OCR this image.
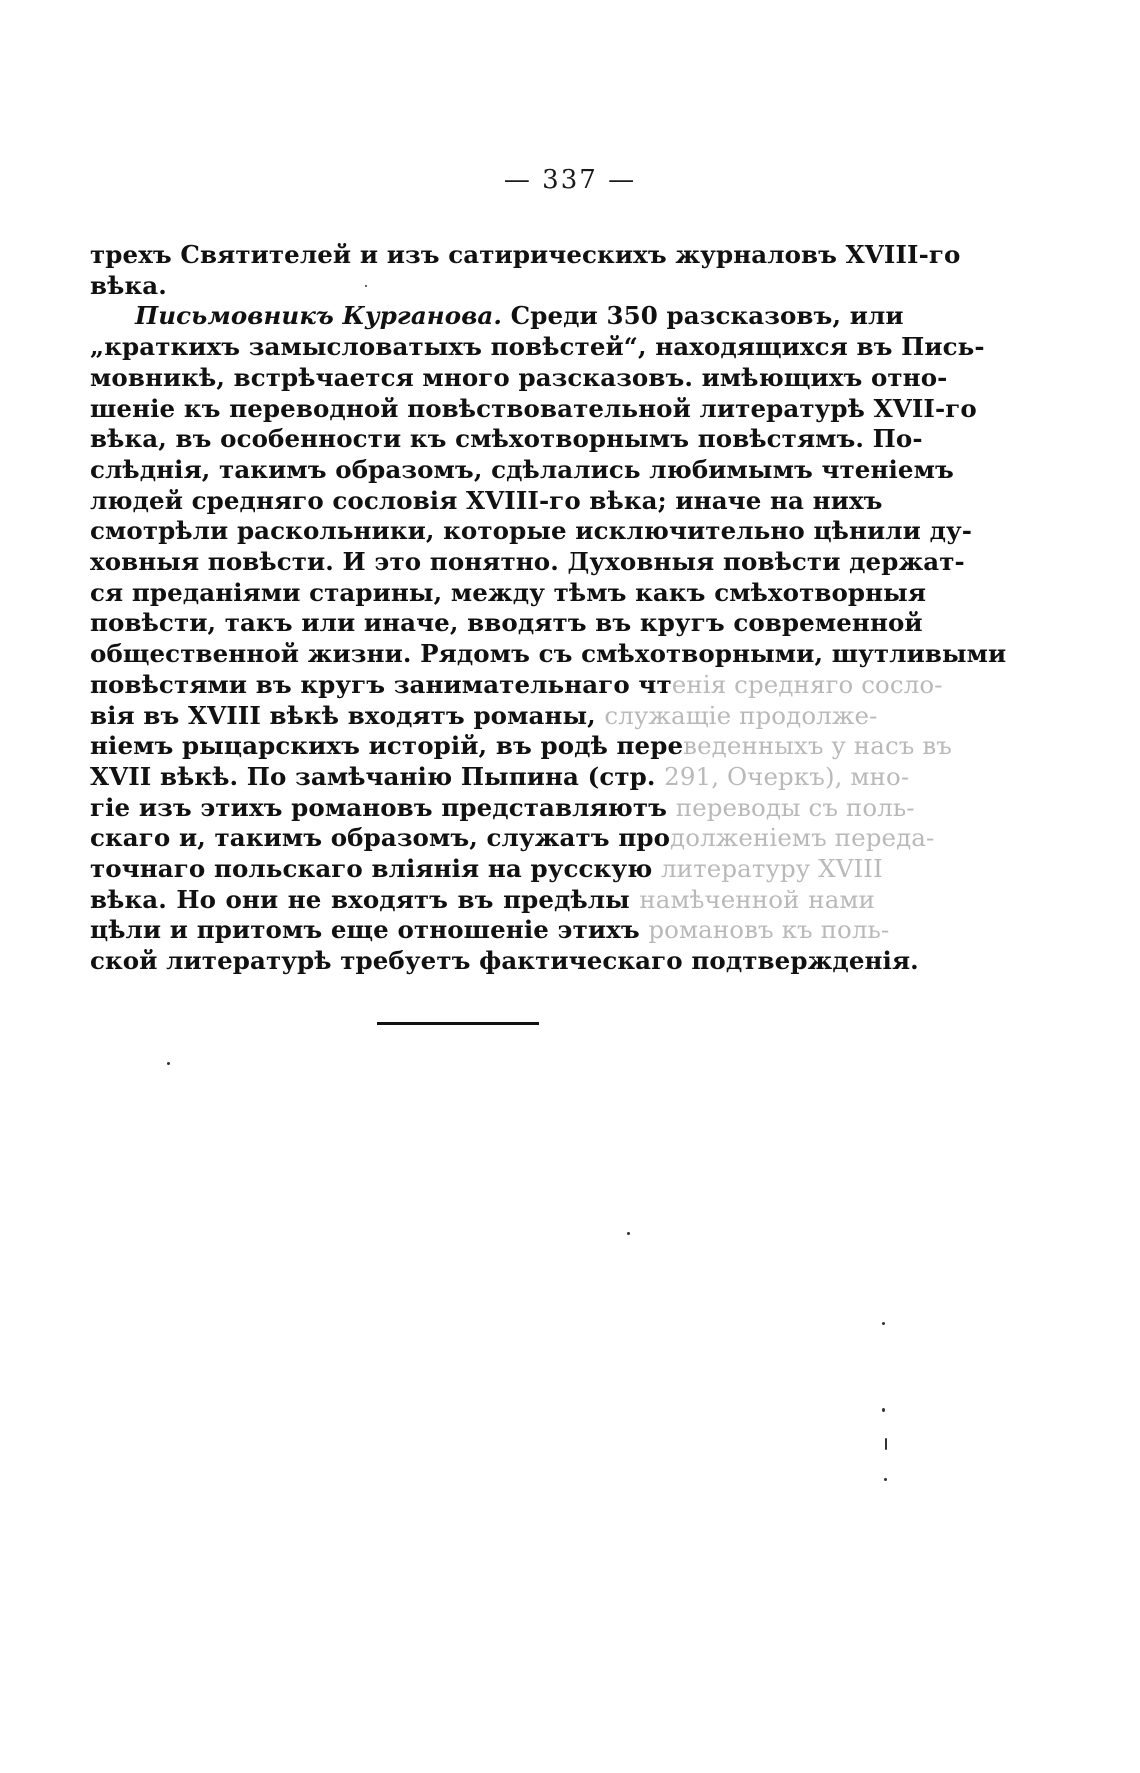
— 337 —
трехъ Святителей и изъ сатирическихъ журналовъ XVIII-го
вѣка.
Письмовникъ Курганова. Среди 350 разсказовъ, или
„краткихъ замысловатыхъ повѣстей“, находящихся въ Пись-
мовникѣ, встрѣчается много разсказовъ. имѣющихъ отно-
шеніе къ переводной повѣствовательной литературѣ XVII-го
вѣка, въ особенности къ смѣхотворнымъ повѣстямъ. По-
слѣднія, такимъ образомъ, сдѣлались любимымъ чтеніемъ
людей средняго сословія XVIII-го вѣка; иначе на нихъ
смотрѣли раскольники, которые исключительно цѣнили ду-
ховныя повѣсти. И это понятно. Духовныя повѣсти держат-
ся преданіями старины, между тѣмъ какъ смѣхотворныя
повѣсти, такъ или иначе, вводятъ въ кругъ современной
общественной жизни. Рядомъ съ смѣхотворными, шутливыми
повѣстями въ кругъ занимательнаго чтенія средняго сосло-
вія въ XVIII вѣкѣ входятъ романы, служащіе продолже-
ніемъ рыцарскихъ исторій, въ родѣ переведенныхъ у насъ въ
XVII вѣкѣ. По замѣчанію Пыпина (стр. 291, Очеркъ), мно-
гіе изъ этихъ романовъ представляютъ переводы съ поль-
скаго и, такимъ образомъ, служатъ продолженіемъ переда-
точнаго польскаго вліянія на русскую литературу XVIII
вѣка. Но они не входятъ въ предѣлы намѣченной нами
цѣли и притомъ еще отношеніе этихъ романовъ къ поль-
ской литературѣ требуетъ фактическаго подтвержденія.
